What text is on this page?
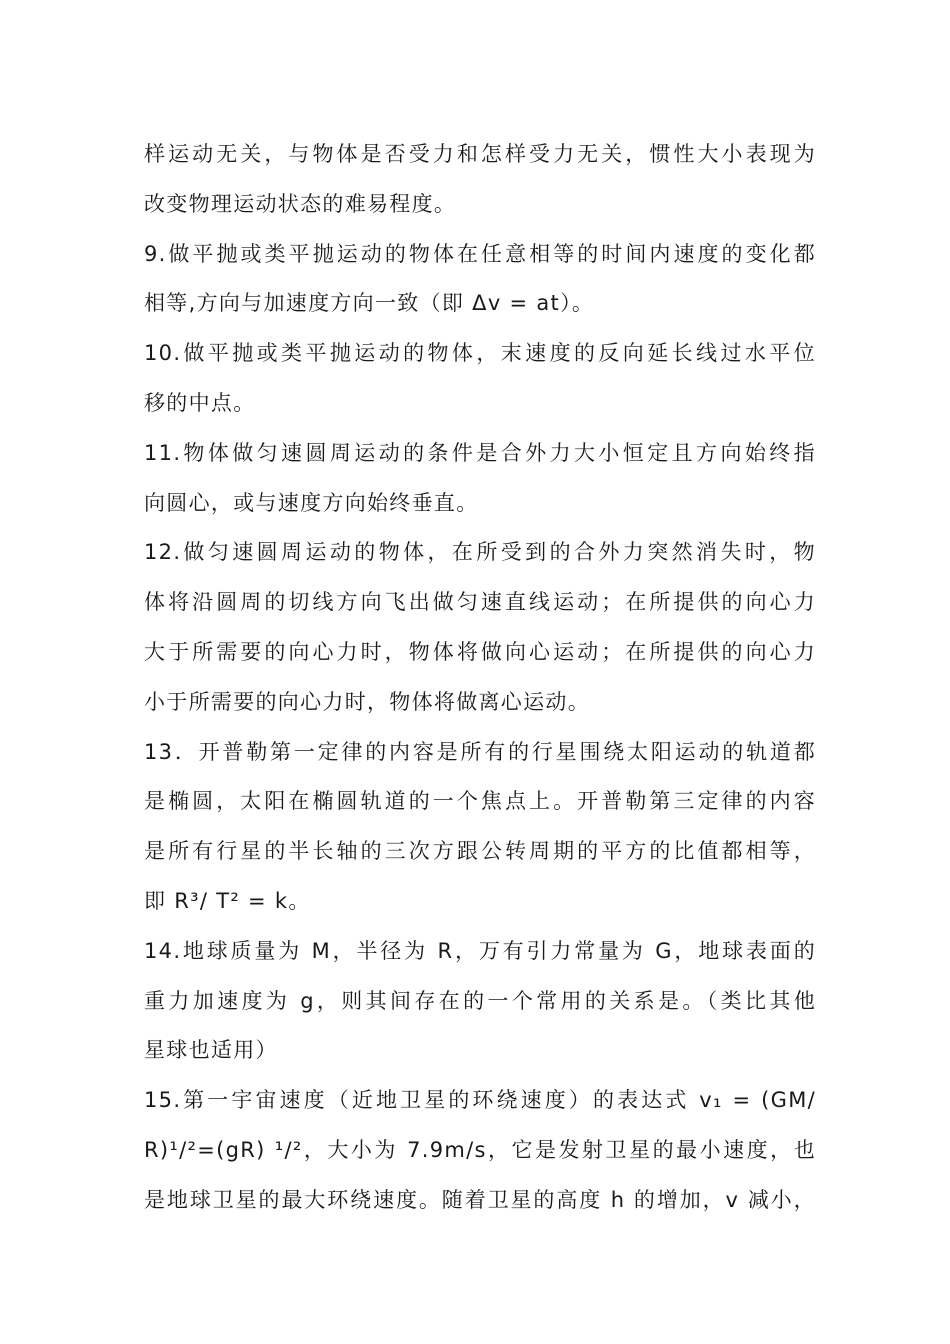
样运动无关，与物体是否受力和怎样受力无关，惯性大小表现为
改变物理运动状态的难易程度。
9.做平抛或类平抛运动的物体在任意相等的时间内速度的变化都
相等,方向与加速度方向一致（即 Δv = at）。
10.做平抛或类平抛运动的物体，末速度的反向延长线过水平位
移的中点。
11.物体做匀速圆周运动的条件是合外力大小恒定且方向始终指
向圆心，或与速度方向始终垂直。
12.做匀速圆周运动的物体，在所受到的合外力突然消失时，物
体将沿圆周的切线方向飞出做匀速直线运动；在所提供的向心力
大于所需要的向心力时，物体将做向心运动；在所提供的向心力
小于所需要的向心力时，物体将做离心运动。
13．开普勒第一定律的内容是所有的行星围绕太阳运动的轨道都
是椭圆，太阳在椭圆轨道的一个焦点上。开普勒第三定律的内容
是所有行星的半长轴的三次方跟公转周期的平方的比值都相等，
即 R³/ T² = k。
14.地球质量为 M，半径为 R，万有引力常量为 G，地球表面的
重力加速度为 g，则其间存在的一个常用的关系是。（类比其他
星球也适用）
15.第一宇宙速度（近地卫星的环绕速度）的表达式 v₁ = (GM/
R)¹/²=(gR) ¹/²，大小为 7.9m/s，它是发射卫星的最小速度，也
是地球卫星的最大环绕速度。随着卫星的高度 h 的增加，v 减小，
